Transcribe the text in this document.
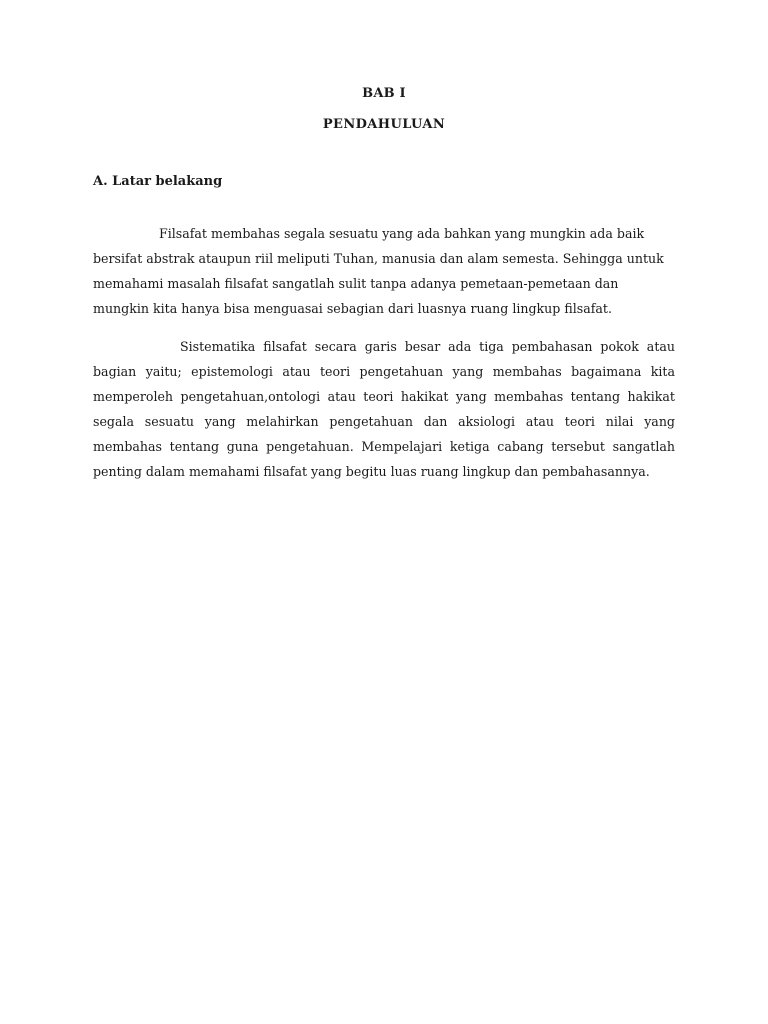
BAB I
PENDAHULUAN
A. Latar belakang

Filsafat membahas segala sesuatu yang ada bahkan yang mungkin ada baik bersifat abstrak ataupun riil meliputi Tuhan, manusia dan alam semesta. Sehingga untuk memahami masalah filsafat sangatlah sulit tanpa adanya pemetaan-pemetaan dan mungkin kita hanya bisa menguasai sebagian dari luasnya ruang lingkup filsafat.

Sistematika filsafat secara garis besar ada tiga pembahasan pokok atau bagian yaitu; epistemologi atau teori pengetahuan yang membahas bagaimana kita memperoleh pengetahuan,ontologi atau teori hakikat yang membahas tentang hakikat segala sesuatu yang melahirkan pengetahuan dan aksiologi atau teori nilai yang membahas tentang guna pengetahuan. Mempelajari ketiga cabang tersebut sangatlah penting dalam memahami filsafat yang begitu luas ruang lingkup dan pembahasannya.
